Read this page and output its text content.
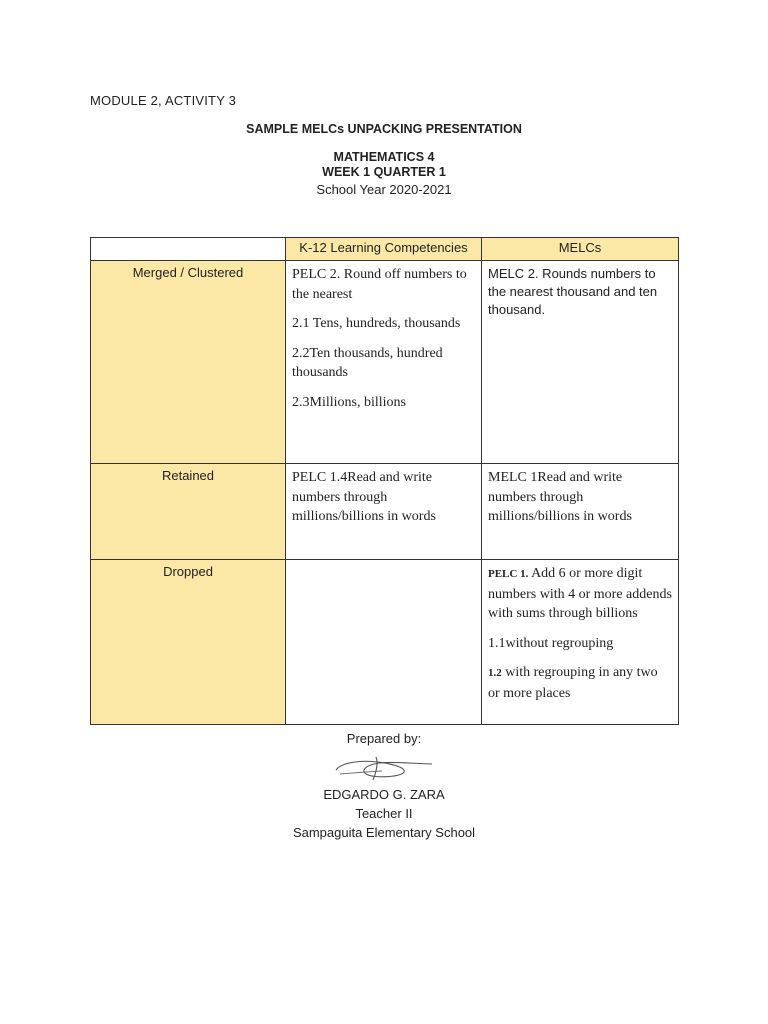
MODULE 2, ACTIVITY 3
SAMPLE MELCs UNPACKING PRESENTATION
MATHEMATICS 4
WEEK 1 QUARTER 1
School Year 2020-2021
	K-12 Learning Competencies	MELCs
Merged / Clustered	PELC 2. Round off numbers to the nearest

2.1 Tens, hundreds, thousands

2.2Ten thousands, hundred thousands

2.3Millions, billions	MELC 2. Rounds numbers to the nearest thousand and ten thousand.

Retained	PELC 1.4Read and write numbers through millions/billions in words	MELC 1Read and write numbers through millions/billions in words
Dropped		PELC 1. Add 6 or more digit numbers with 4 or more addends with sums through billions

1.1without regrouping

1.2 with regrouping in any two or more places

Prepared by:
EDGARDO G. ZARA
Teacher II
Sampaguita Elementary School
